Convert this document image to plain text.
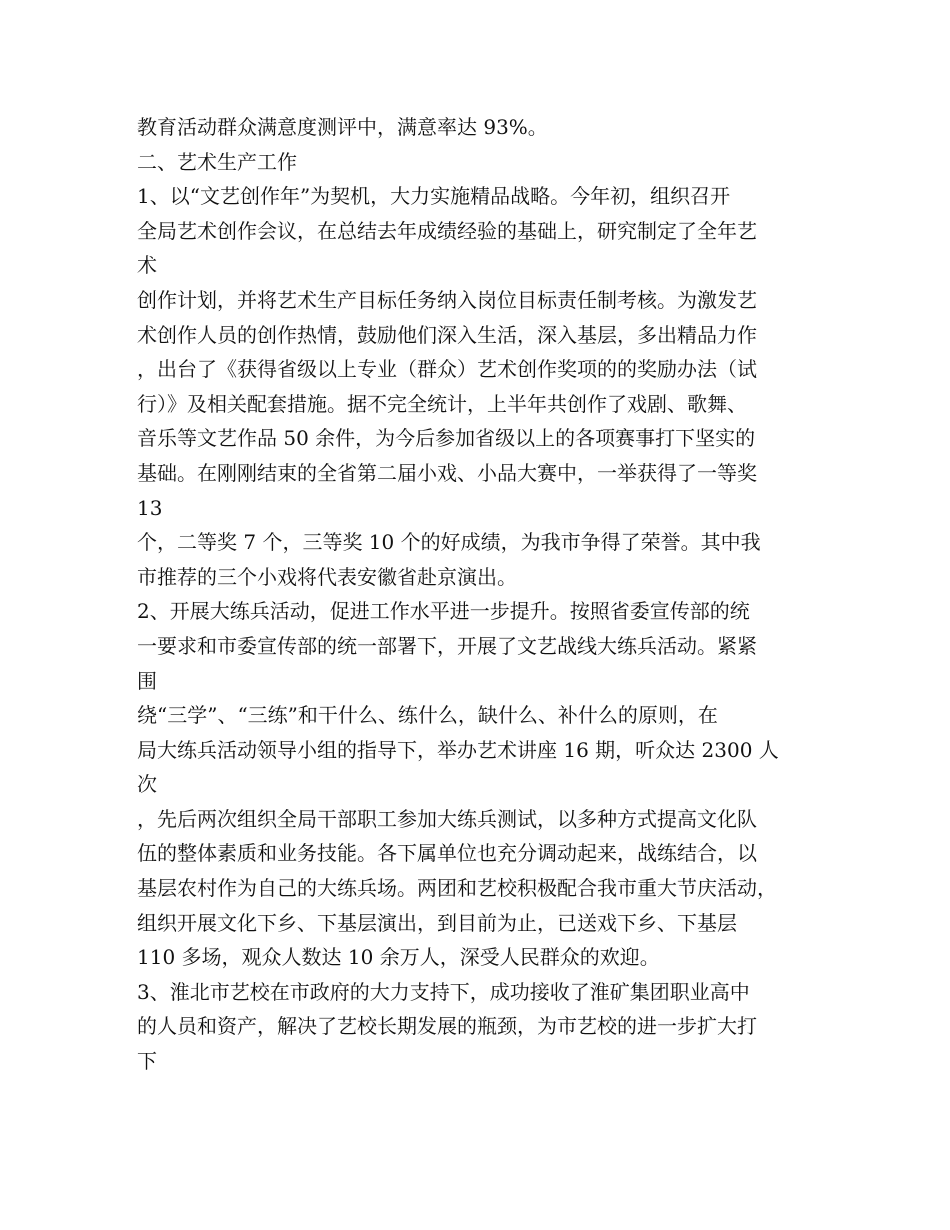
教育活动群众满意度测评中，满意率达 93%。
二、艺术生产工作
1、以“文艺创作年”为契机，大力实施精品战略。今年初，组织召开
全局艺术创作会议，在总结去年成绩经验的基础上，研究制定了全年艺
术
创作计划，并将艺术生产目标任务纳入岗位目标责任制考核。为激发艺
术创作人员的创作热情，鼓励他们深入生活，深入基层，多出精品力作
，出台了《获得省级以上专业（群众）艺术创作奖项的的奖励办法（试
行）》及相关配套措施。据不完全统计，上半年共创作了戏剧、歌舞、
音乐等文艺作品 50 余件，为今后参加省级以上的各项赛事打下坚实的
基础。在刚刚结束的全省第二届小戏、小品大赛中，一举获得了一等奖
13
个，二等奖 7 个，三等奖 10 个的好成绩，为我市争得了荣誉。其中我
市推荐的三个小戏将代表安徽省赴京演出。
2、开展大练兵活动，促进工作水平进一步提升。按照省委宣传部的统
一要求和市委宣传部的统一部署下，开展了文艺战线大练兵活动。紧紧
围
绕“三学”、“三练”和干什么、练什么，缺什么、补什么的原则，在
局大练兵活动领导小组的指导下，举办艺术讲座 16 期，听众达 2300 人
次
，先后两次组织全局干部职工参加大练兵测试，以多种方式提高文化队
伍的整体素质和业务技能。各下属单位也充分调动起来，战练结合，以
基层农村作为自己的大练兵场。两团和艺校积极配合我市重大节庆活动，
组织开展文化下乡、下基层演出，到目前为止，已送戏下乡、下基层
110 多场，观众人数达 10 余万人，深受人民群众的欢迎。
3、淮北市艺校在市政府的大力支持下，成功接收了淮矿集团职业高中
的人员和资产，解决了艺校长期发展的瓶颈，为市艺校的进一步扩大打
下
